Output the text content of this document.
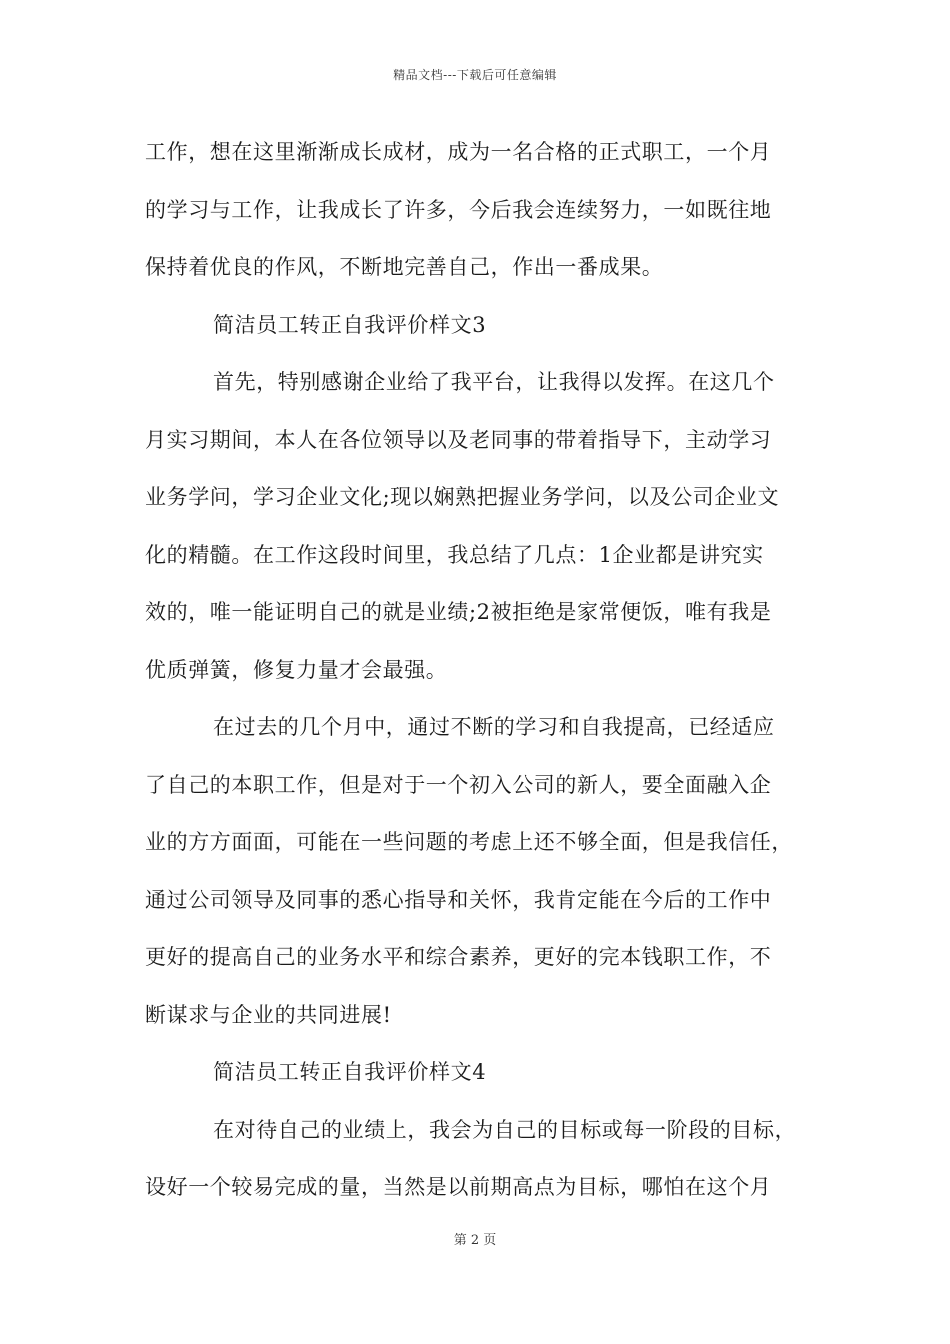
精品文档---下载后可任意编辑
工作，想在这里渐渐成长成材，成为一名合格的正式职工，一个月
的学习与工作，让我成长了许多，今后我会连续努力，一如既往地
保持着优良的作风，不断地完善自己，作出一番成果。
简洁员工转正自我评价样文3
首先，特别感谢企业给了我平台，让我得以发挥。在这几个
月实习期间，本人在各位领导以及老同事的带着指导下，主动学习
业务学问，学习企业文化;现以娴熟把握业务学问，以及公司企业文
化的精髓。在工作这段时间里，我总结了几点：1企业都是讲究实
效的，唯一能证明自己的就是业绩;2被拒绝是家常便饭，唯有我是
优质弹簧，修复力量才会最强。
在过去的几个月中，通过不断的学习和自我提高，已经适应
了自己的本职工作，但是对于一个初入公司的新人，要全面融入企
业的方方面面，可能在一些问题的考虑上还不够全面，但是我信任，
通过公司领导及同事的悉心指导和关怀，我肯定能在今后的工作中
更好的提高自己的业务水平和综合素养，更好的完本钱职工作，不
断谋求与企业的共同进展!
简洁员工转正自我评价样文4
在对待自己的业绩上，我会为自己的目标或每一阶段的目标，
设好一个较易完成的量，当然是以前期高点为目标，哪怕在这个月
第 2 页
